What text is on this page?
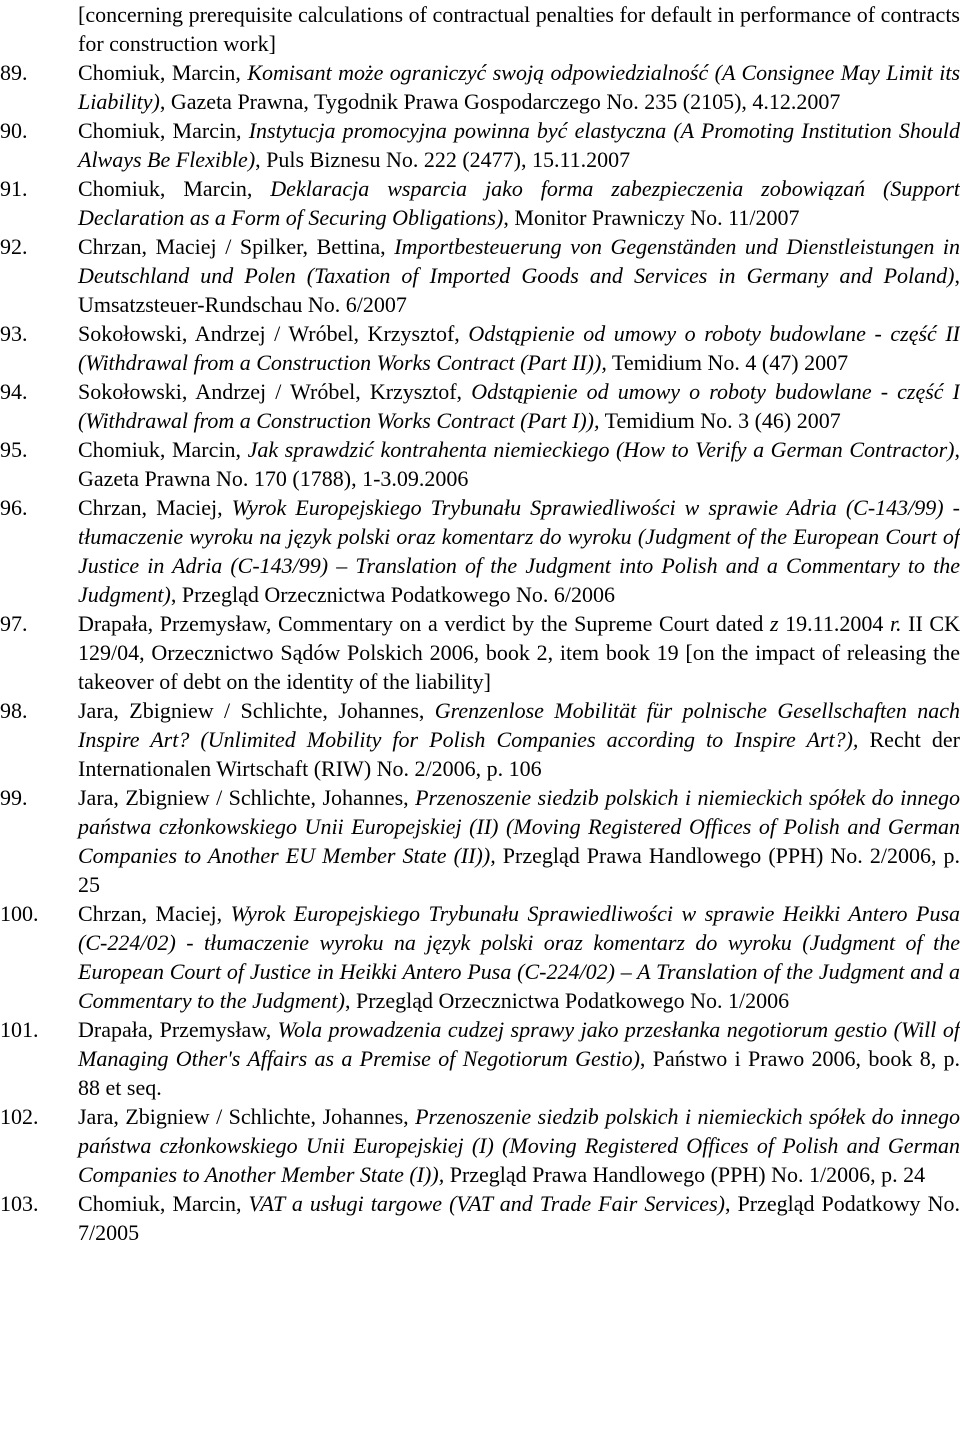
[concerning prerequisite calculations of contractual penalties for default in performance of contracts for construction work]
89. Chomiuk, Marcin, Komisant może ograniczyć swoją odpowiedzialność (A Consignee May Limit its Liability), Gazeta Prawna, Tygodnik Prawa Gospodarczego No. 235 (2105), 4.12.2007
90. Chomiuk, Marcin, Instytucja promocyjna powinna być elastyczna (A Promoting Institution Should Always Be Flexible), Puls Biznesu No. 222 (2477), 15.11.2007
91. Chomiuk, Marcin, Deklaracja wsparcia jako forma zabezpieczenia zobowiązań (Support Declaration as a Form of Securing Obligations), Monitor Prawniczy No. 11/2007
92. Chrzan, Maciej / Spilker, Bettina, Importbesteuerung von Gegenständen und Dienstleistungen in Deutschland und Polen (Taxation of Imported Goods and Services in Germany and Poland), Umsatzsteuer-Rundschau No. 6/2007
93. Sokołowski, Andrzej / Wróbel, Krzysztof, Odstąpienie od umowy o roboty budowlane - część II (Withdrawal from a Construction Works Contract (Part II)), Temidium No. 4 (47) 2007
94. Sokołowski, Andrzej / Wróbel, Krzysztof, Odstąpienie od umowy o roboty budowlane - część I (Withdrawal from a Construction Works Contract (Part I)), Temidium No. 3 (46) 2007
95. Chomiuk, Marcin, Jak sprawdzić kontrahenta niemieckiego (How to Verify a German Contractor), Gazeta Prawna No. 170 (1788), 1-3.09.2006
96. Chrzan, Maciej, Wyrok Europejskiego Trybunału Sprawiedliwości w sprawie Adria (C-143/99) - tłumaczenie wyroku na język polski oraz komentarz do wyroku (Judgment of the European Court of Justice in Adria (C-143/99) – Translation of the Judgment into Polish and a Commentary to the Judgment), Przegląd Orzecznictwa Podatkowego No. 6/2006
97. Drapała, Przemysław, Commentary on a verdict by the Supreme Court dated z 19.11.2004 r. II CK 129/04, Orzecznictwo Sądów Polskich 2006, book 2, item book 19 [on the impact of releasing the takeover of debt on the identity of the liability]
98. Jara, Zbigniew / Schlichte, Johannes, Grenzenlose Mobilität für polnische Gesellschaften nach Inspire Art? (Unlimited Mobility for Polish Companies according to Inspire Art?), Recht der Internationalen Wirtschaft (RIW) No. 2/2006, p. 106
99. Jara, Zbigniew / Schlichte, Johannes, Przenoszenie siedzib polskich i niemieckich spółek do innego państwa członkowskiego Unii Europejskiej (II) (Moving Registered Offices of Polish and German Companies to Another EU Member State (II)), Przegląd Prawa Handlowego (PPH) No. 2/2006, p. 25
100. Chrzan, Maciej, Wyrok Europejskiego Trybunału Sprawiedliwości w sprawie Heikki Antero Pusa (C-224/02) - tłumaczenie wyroku na język polski oraz komentarz do wyroku (Judgment of the European Court of Justice in Heikki Antero Pusa (C-224/02) – A Translation of the Judgment and a Commentary to the Judgment), Przegląd Orzecznictwa Podatkowego No. 1/2006
101. Drapała, Przemysław, Wola prowadzenia cudzej sprawy jako przesłanka negotiorum gestio (Will of Managing Other's Affairs as a Premise of Negotiorum Gestio), Państwo i Prawo 2006, book 8, p. 88 et seq.
102. Jara, Zbigniew / Schlichte, Johannes, Przenoszenie siedzib polskich i niemieckich spółek do innego państwa członkowskiego Unii Europejskiej (I) (Moving Registered Offices of Polish and German Companies to Another Member State (I)), Przegląd Prawa Handlowego (PPH) No. 1/2006, p. 24
103. Chomiuk, Marcin, VAT a usługi targowe (VAT and Trade Fair Services), Przegląd Podatkowy No. 7/2005
